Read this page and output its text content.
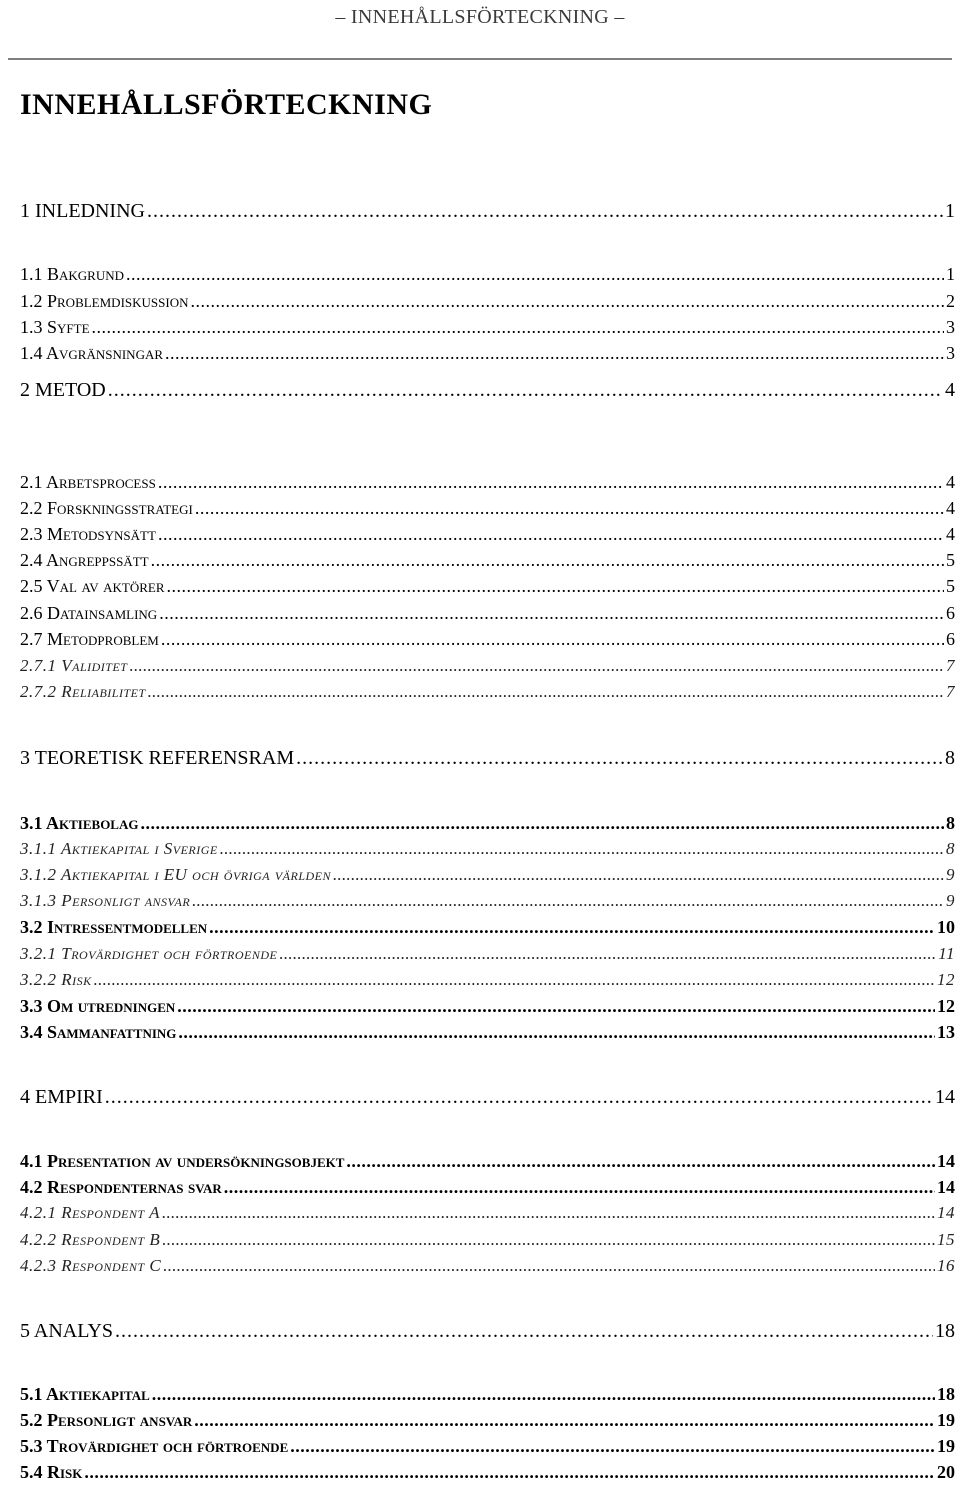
– INNEHÅLLSFÖRTECKNING –
INNEHÅLLSFÖRTECKNING
1 INLEDNING . . .	1
1.1 Bakgrund . . .	1
1.2 Problemdiskussion . . .	2
1.3 Syfte . . .	3
1.4 Avgränsningar . . .	3
2 METOD . . .	4
2.1 Arbetsprocess . . .	4
2.2 Forskningsstrategi . . .	4
2.3 Metodsynsätt . . .	4
2.4 Angreppssätt . . .	5
2.5 Val av aktörer . . .	5
2.6 Datainsamling . . .	6
2.7 Metodproblem . . .	6
2.7.1 Validitet . . .	7
2.7.2 Reliabilitet . . .	7
3 TEORETISK REFERENSRAM . . .	8
3.1 Aktiebolag . . .	8
3.1.1 Aktiekapital i Sverige . . .	8
3.1.2 Aktiekapital i EU och övriga världen . . .	9
3.1.3 Personligt ansvar . . .	9
3.2 Intressentmodellen . . .	10
3.2.1 Trovärdighet och förtroende . . .	11
3.2.2 Risk . . .	12
3.3 Om utredningen . . .	12
3.4 Sammanfattning . . .	13
4 EMPIRI . . .	14
4.1 Presentation av undersökningsobjekt . . .	14
4.2 Respondenternas svar . . .	14
4.2.1 Respondent A . . .	14
4.2.2 Respondent B . . .	15
4.2.3 Respondent C . . .	16
5 ANALYS . . .	18
5.1 Aktiekapital . . .	18
5.2 Personligt ansvar . . .	19
5.3 Trovärdighet och förtroende . . .	19
5.4 Risk . . .	20
